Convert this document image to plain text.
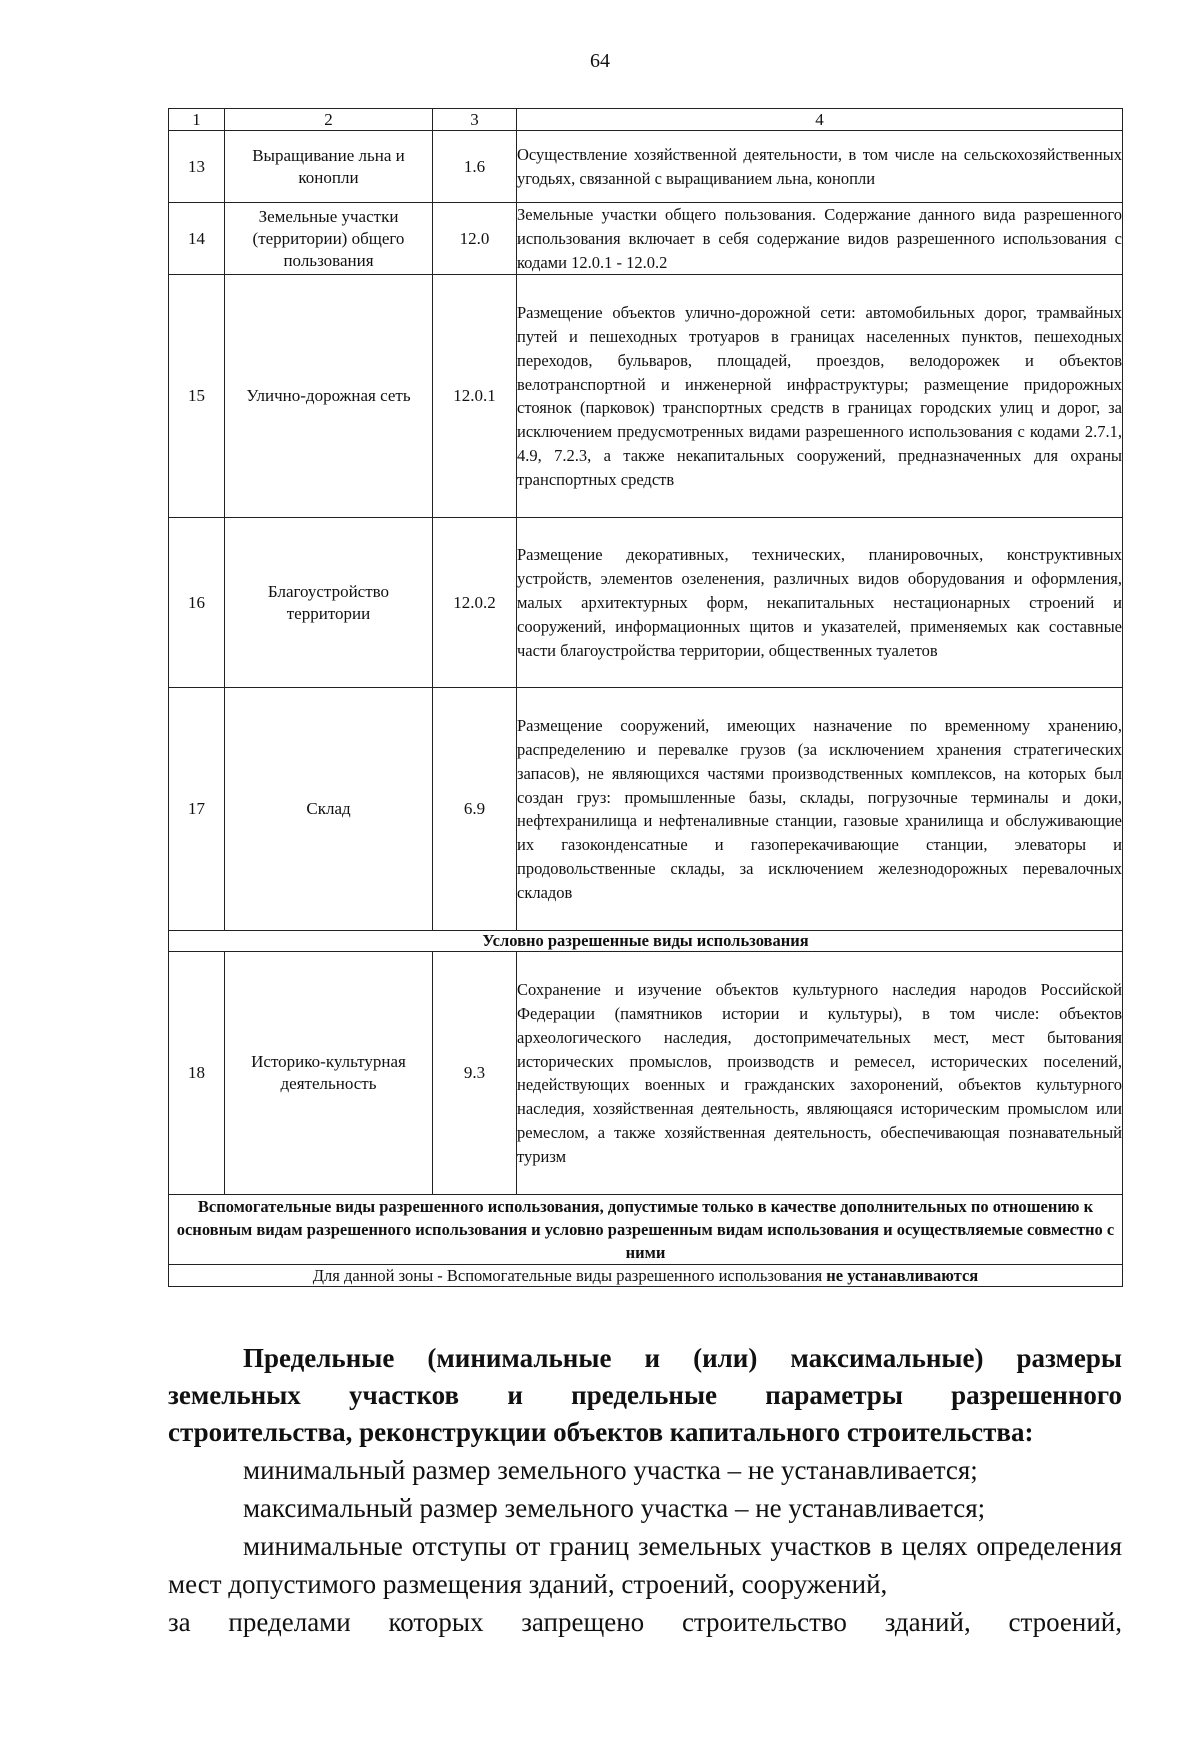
64
1	2	3	4
13	Выращивание льна и конопли	1.6	Осуществление хозяйственной деятельности, в том числе на сельскохозяйственных угодьях, связанной с выращиванием льна, конопли
14	Земельные участки (территории) общего пользования	12.0	Земельные участки общего пользования. Содержание данного вида разрешенного использования включает в себя содержание видов разрешенного использования с кодами 12.0.1 - 12.0.2
15	Улично-дорожная сеть	12.0.1	Размещение объектов улично-дорожной сети: автомобильных дорог, трамвайных путей и пешеходных тротуаров в границах населенных пунктов, пешеходных переходов, бульваров, площадей, проездов, велодорожек и объектов велотранспортной и инженерной инфраструктуры; размещение придорожных стоянок (парковок) транспортных средств в границах городских улиц и дорог, за исключением предусмотренных видами разрешенного использования с кодами 2.7.1, 4.9, 7.2.3, а также некапитальных сооружений, предназначенных для охраны транспортных средств
16	Благоустройство территории	12.0.2	Размещение декоративных, технических, планировочных, конструктивных устройств, элементов озеленения, различных видов оборудования и оформления, малых архитектурных форм, некапитальных нестационарных строений и сооружений, информационных щитов и указателей, применяемых как составные части благоустройства территории, общественных туалетов
17	Склад	6.9	Размещение сооружений, имеющих назначение по временному хранению, распределению и перевалке грузов (за исключением хранения стратегических запасов), не являющихся частями производственных комплексов, на которых был создан груз: промышленные базы, склады, погрузочные терминалы и доки, нефтехранилища и нефтеналивные станции, газовые хранилища и обслуживающие их газоконденсатные и газоперекачивающие станции, элеваторы и продовольственные склады, за исключением железнодорожных перевалочных складов
Условно разрешенные виды использования			
18	Историко-культурная деятельность	9.3	Сохранение и изучение объектов культурного наследия народов Российской Федерации (памятников истории и культуры), в том числе: объектов археологического наследия, достопримечательных мест, мест бытования исторических промыслов, производств и ремесел, исторических поселений, недействующих военных и гражданских захоронений, объектов культурного наследия, хозяйственная деятельность, являющаяся историческим промыслом или ремеслом, а также хозяйственная деятельность, обеспечивающая познавательный туризм
Вспомогательные виды разрешенного использования, допустимые только в качестве дополнительных по отношению к основным видам разрешенного использования и условно разрешенным видам использования и осуществляемые совместно с ними			
Для данной зоны - Вспомогательные виды разрешенного использования не устанавливаются			

Предельные (минимальные и (или) максимальные) размеры земельных участков и предельные параметры разрешенного
строительства, реконструкции объектов капитального строительства:

минимальный размер земельного участка – не устанавливается;

максимальный размер земельного участка – не устанавливается;

минимальные отступы от границ земельных участков в целях определения мест допустимого размещения зданий, строений, сооружений,

за пределами которых запрещено строительство зданий, строений,
